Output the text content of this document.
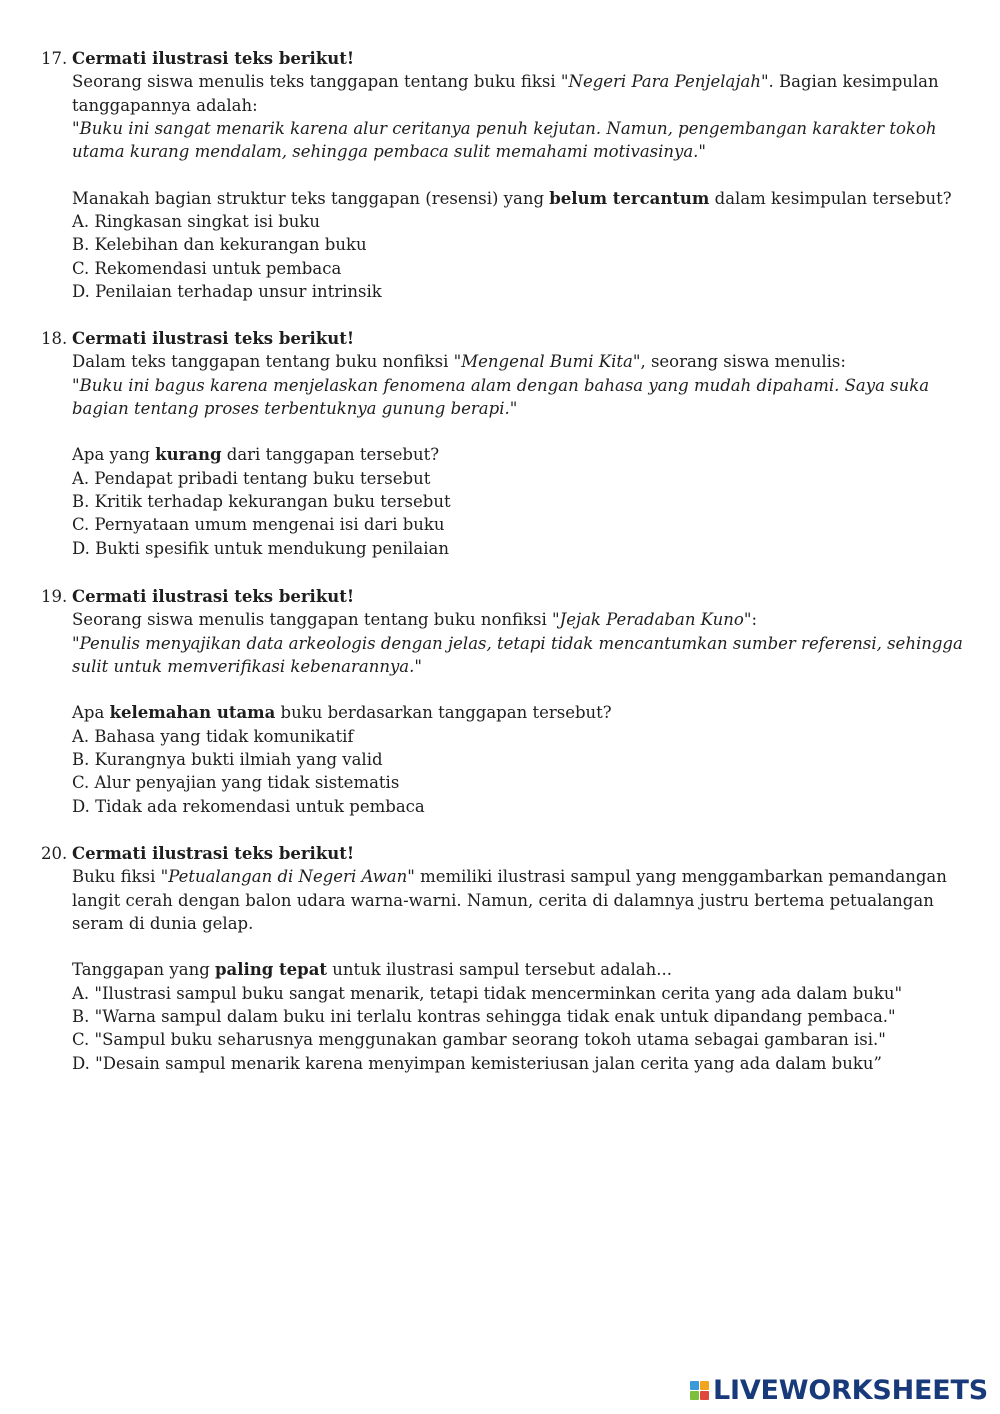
17. Cermati ilustrasi teks berikut!
Seorang siswa menulis teks tanggapan tentang buku fiksi "Negeri Para Penjelajah". Bagian kesimpulan tanggapannya adalah:
"Buku ini sangat menarik karena alur ceritanya penuh kejutan. Namun, pengembangan karakter tokoh utama kurang mendalam, sehingga pembaca sulit memahami motivasinya."
Manakah bagian struktur teks tanggapan (resensi) yang belum tercantum dalam kesimpulan tersebut?
A. Ringkasan singkat isi buku
B. Kelebihan dan kekurangan buku
C. Rekomendasi untuk pembaca
D. Penilaian terhadap unsur intrinsik
18. Cermati ilustrasi teks berikut!
Dalam teks tanggapan tentang buku nonfiksi "Mengenal Bumi Kita", seorang siswa menulis:
"Buku ini bagus karena menjelaskan fenomena alam dengan bahasa yang mudah dipahami. Saya suka bagian tentang proses terbentuknya gunung berapi."
Apa yang kurang dari tanggapan tersebut?
A. Pendapat pribadi tentang buku tersebut
B. Kritik terhadap kekurangan buku tersebut
C. Pernyataan umum mengenai isi dari buku
D. Bukti spesifik untuk mendukung penilaian
19. Cermati ilustrasi teks berikut!
Seorang siswa menulis tanggapan tentang buku nonfiksi "Jejak Peradaban Kuno":
"Penulis menyajikan data arkeologis dengan jelas, tetapi tidak mencantumkan sumber referensi, sehingga sulit untuk memverifikasi kebenarannya."
Apa kelemahan utama buku berdasarkan tanggapan tersebut?
A. Bahasa yang tidak komunikatif
B. Kurangnya bukti ilmiah yang valid
C. Alur penyajian yang tidak sistematis
D. Tidak ada rekomendasi untuk pembaca
20. Cermati ilustrasi teks berikut!
Buku fiksi "Petualangan di Negeri Awan" memiliki ilustrasi sampul yang menggambarkan pemandangan langit cerah dengan balon udara warna-warni. Namun, cerita di dalamnya justru bertema petualangan seram di dunia gelap.
Tanggapan yang paling tepat untuk ilustrasi sampul tersebut adalah...
A. "Ilustrasi sampul buku sangat menarik, tetapi tidak mencerminkan cerita yang ada dalam buku"
B. "Warna sampul dalam buku ini terlalu kontras sehingga tidak enak untuk dipandang pembaca."
C. "Sampul buku seharusnya menggunakan gambar seorang tokoh utama sebagai gambaran isi."
D. "Desain sampul menarik karena menyimpan kemisteriusan jalan cerita yang ada dalam buku”
LIVEWORKSHEETS
